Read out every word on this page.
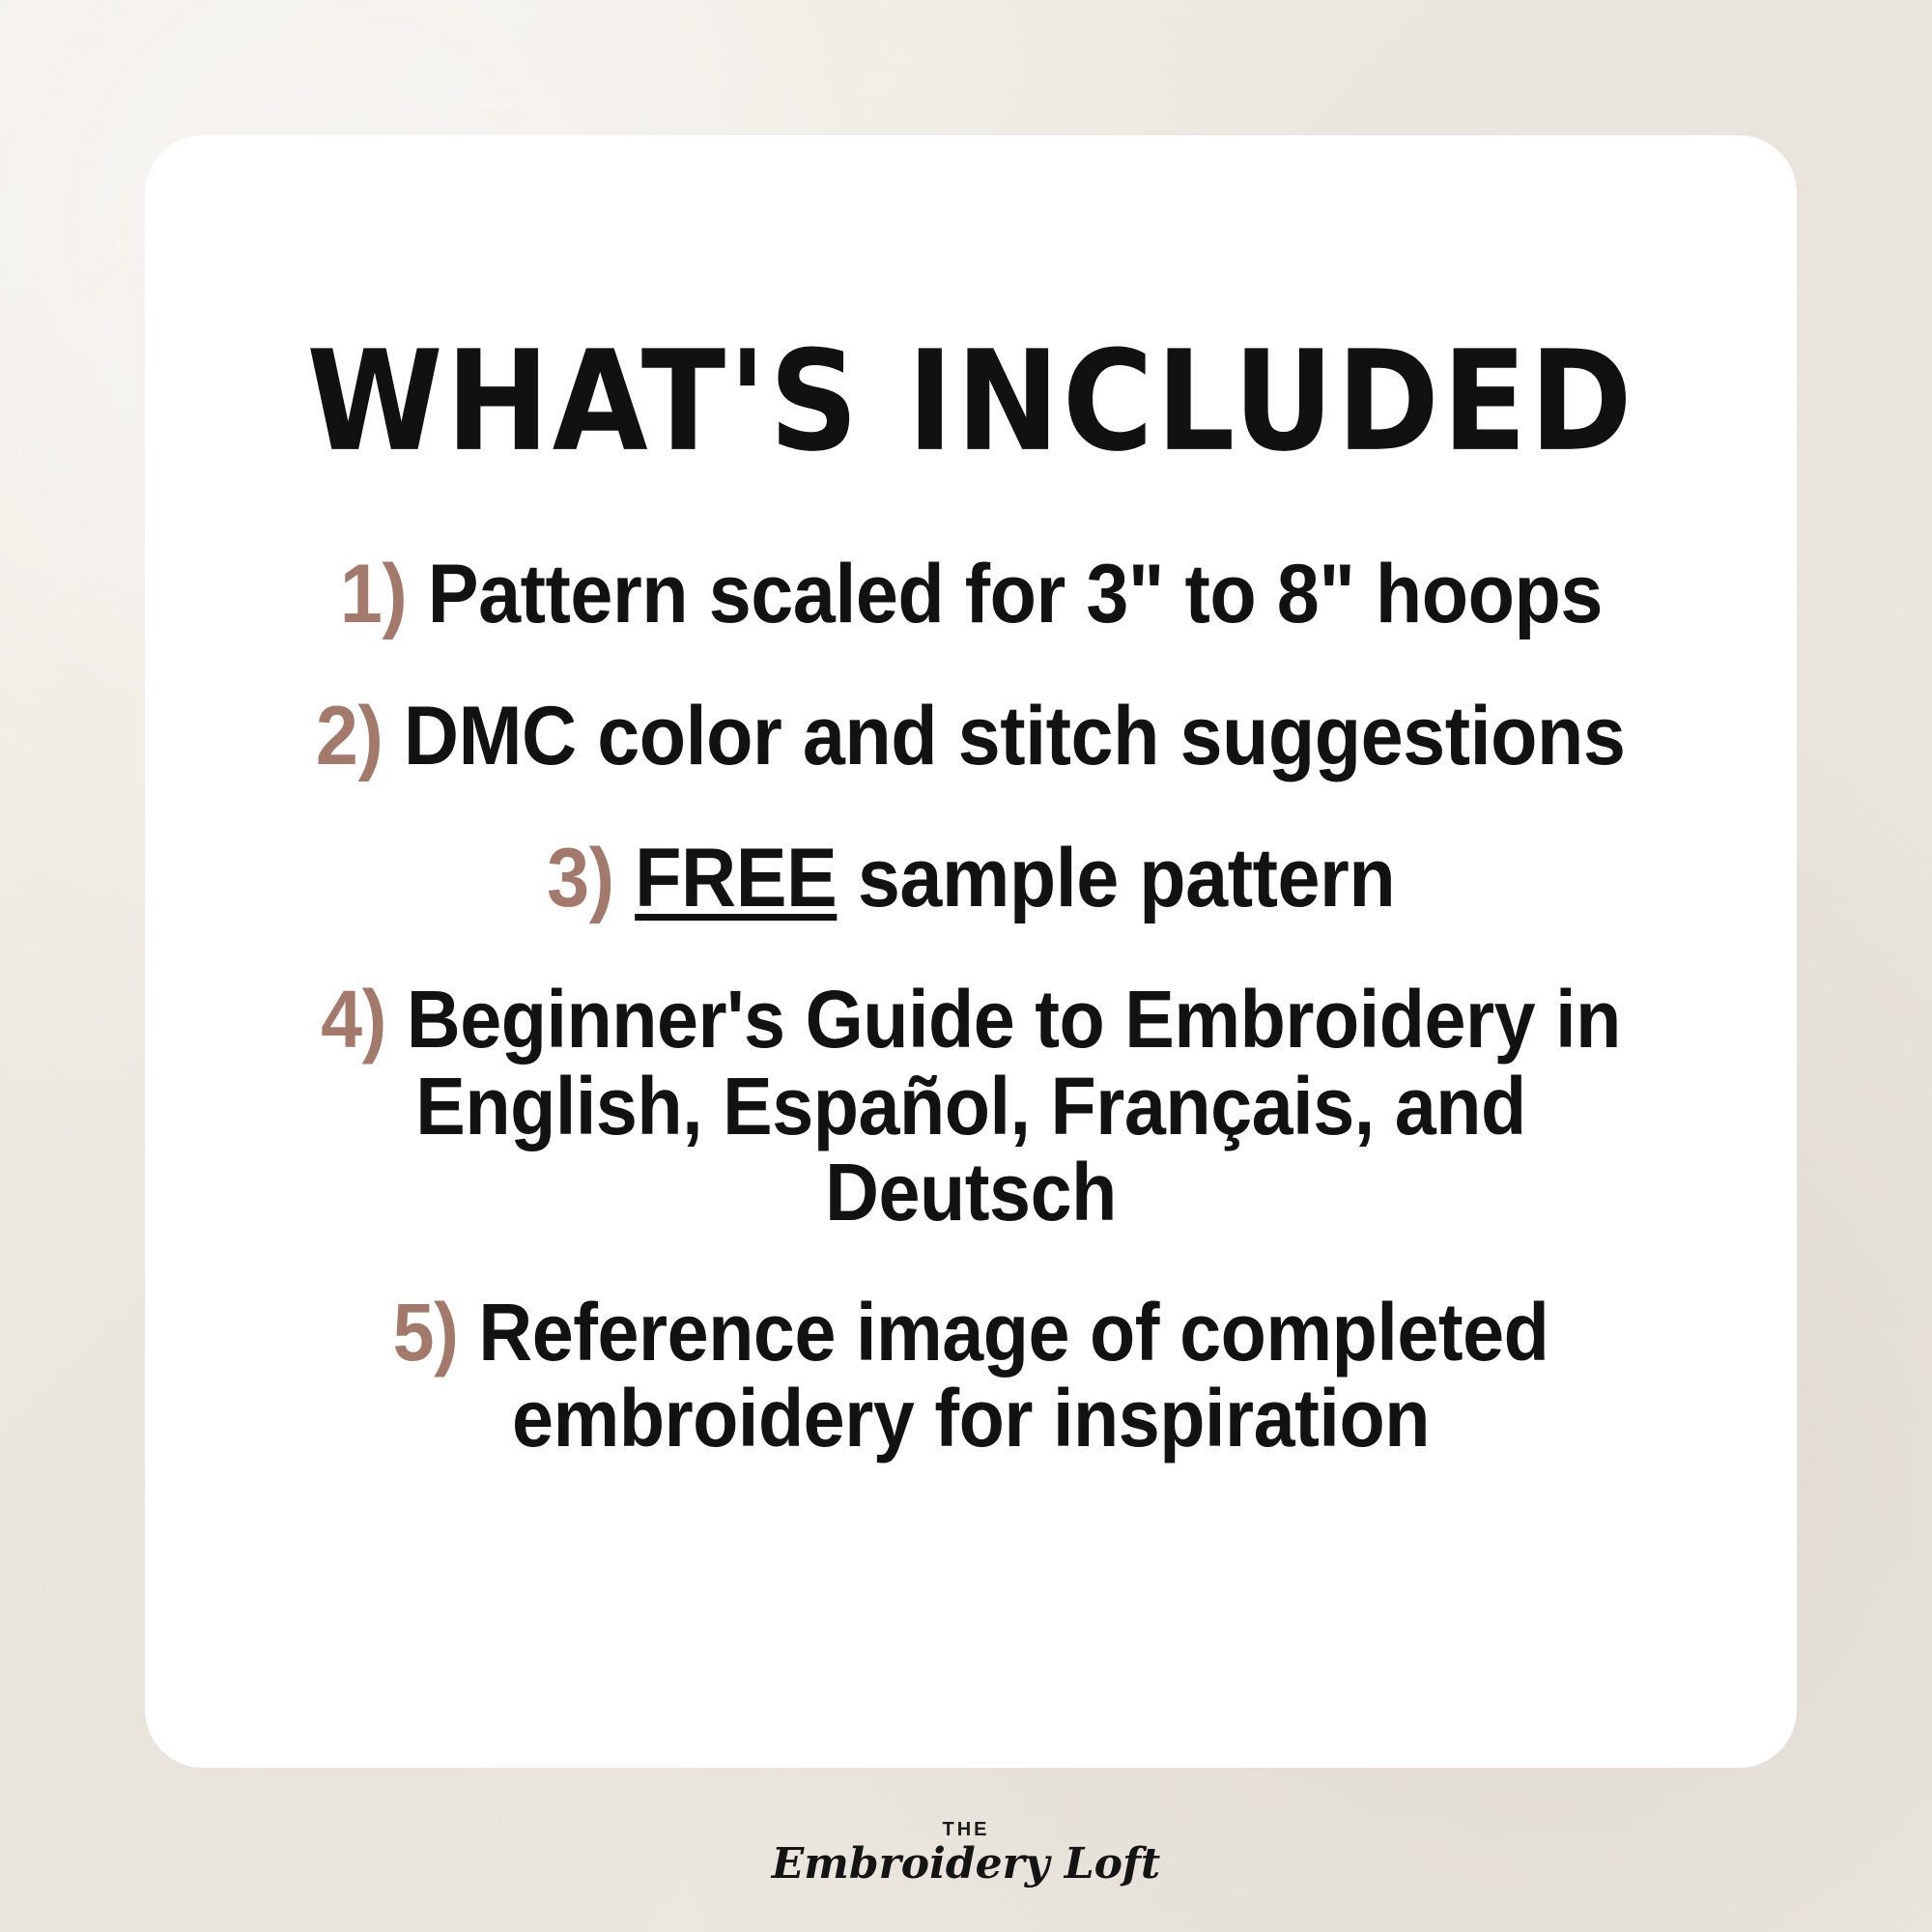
WHAT'S INCLUDED
1) Pattern scaled for 3" to 8" hoops
2) DMC color and stitch suggestions
3) FREE sample pattern
4) Beginner's Guide to Embroidery in English, Español, Français, and Deutsch
5) Reference image of completed embroidery for inspiration
THE
Embroidery Loft
